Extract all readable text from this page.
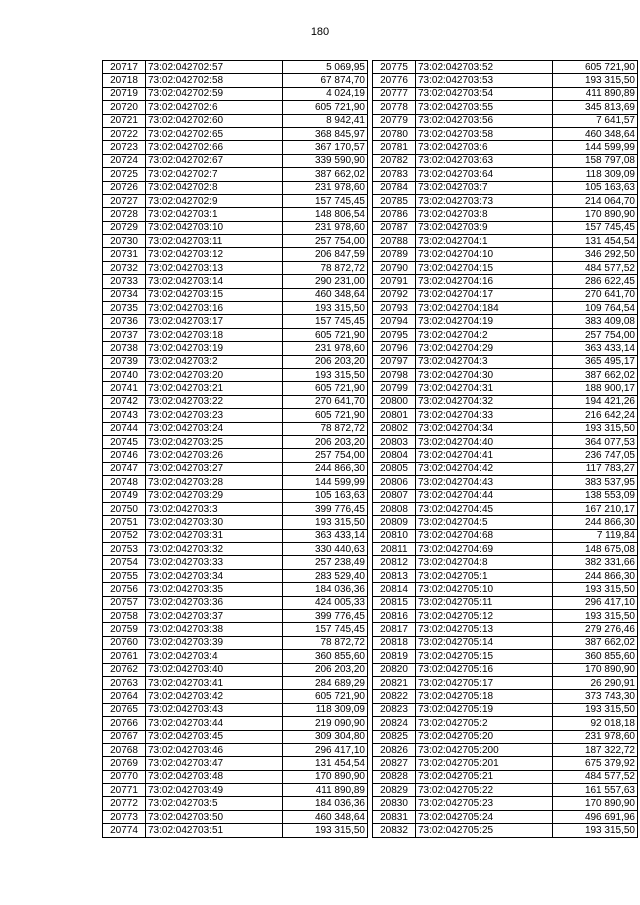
180
20717	73:02:042702:57	5 069,95
20718	73:02:042702:58	67 874,70
20719	73:02:042702:59	4 024,19
20720	73:02:042702:6	605 721,90
20721	73:02:042702:60	8 942,41
20722	73:02:042702:65	368 845,97
20723	73:02:042702:66	367 170,57
20724	73:02:042702:67	339 590,90
20725	73:02:042702:7	387 662,02
20726	73:02:042702:8	231 978,60
20727	73:02:042702:9	157 745,45
20728	73:02:042703:1	148 806,54
20729	73:02:042703:10	231 978,60
20730	73:02:042703:11	257 754,00
20731	73:02:042703:12	206 847,59
20732	73:02:042703:13	78 872,72
20733	73:02:042703:14	290 231,00
20734	73:02:042703:15	460 348,64
20735	73:02:042703:16	193 315,50
20736	73:02:042703:17	157 745,45
20737	73:02:042703:18	605 721,90
20738	73:02:042703:19	231 978,60
20739	73:02:042703:2	206 203,20
20740	73:02:042703:20	193 315,50
20741	73:02:042703:21	605 721,90
20742	73:02:042703:22	270 641,70
20743	73:02:042703:23	605 721,90
20744	73:02:042703:24	78 872,72
20745	73:02:042703:25	206 203,20
20746	73:02:042703:26	257 754,00
20747	73:02:042703:27	244 866,30
20748	73:02:042703:28	144 599,99
20749	73:02:042703:29	105 163,63
20750	73:02:042703:3	399 776,45
20751	73:02:042703:30	193 315,50
20752	73:02:042703:31	363 433,14
20753	73:02:042703:32	330 440,63
20754	73:02:042703:33	257 238,49
20755	73:02:042703:34	283 529,40
20756	73:02:042703:35	184 036,36
20757	73:02:042703:36	424 005,33
20758	73:02:042703:37	399 776,45
20759	73:02:042703:38	157 745,45
20760	73:02:042703:39	78 872,72
20761	73:02:042703:4	360 855,60
20762	73:02:042703:40	206 203,20
20763	73:02:042703:41	284 689,29
20764	73:02:042703:42	605 721,90
20765	73:02:042703:43	118 309,09
20766	73:02:042703:44	219 090,90
20767	73:02:042703:45	309 304,80
20768	73:02:042703:46	296 417,10
20769	73:02:042703:47	131 454,54
20770	73:02:042703:48	170 890,90
20771	73:02:042703:49	411 890,89
20772	73:02:042703:5	184 036,36
20773	73:02:042703:50	460 348,64
20774	73:02:042703:51	193 315,50
20775	73:02:042703:52	605 721,90
20776	73:02:042703:53	193 315,50
20777	73:02:042703:54	411 890,89
20778	73:02:042703:55	345 813,69
20779	73:02:042703:56	7 641,57
20780	73:02:042703:58	460 348,64
20781	73:02:042703:6	144 599,99
20782	73:02:042703:63	158 797,08
20783	73:02:042703:64	118 309,09
20784	73:02:042703:7	105 163,63
20785	73:02:042703:73	214 064,70
20786	73:02:042703:8	170 890,90
20787	73:02:042703:9	157 745,45
20788	73:02:042704:1	131 454,54
20789	73:02:042704:10	346 292,50
20790	73:02:042704:15	484 577,52
20791	73:02:042704:16	286 622,45
20792	73:02:042704:17	270 641,70
20793	73:02:042704:184	109 764,54
20794	73:02:042704:19	383 409,08
20795	73:02:042704:2	257 754,00
20796	73:02:042704:29	363 433,14
20797	73:02:042704:3	365 495,17
20798	73:02:042704:30	387 662,02
20799	73:02:042704:31	188 900,17
20800	73:02:042704:32	194 421,26
20801	73:02:042704:33	216 642,24
20802	73:02:042704:34	193 315,50
20803	73:02:042704:40	364 077,53
20804	73:02:042704:41	236 747,05
20805	73:02:042704:42	117 783,27
20806	73:02:042704:43	383 537,95
20807	73:02:042704:44	138 553,09
20808	73:02:042704:45	167 210,17
20809	73:02:042704:5	244 866,30
20810	73:02:042704:68	7 119,84
20811	73:02:042704:69	148 675,08
20812	73:02:042704:8	382 331,66
20813	73:02:042705:1	244 866,30
20814	73:02:042705:10	193 315,50
20815	73:02:042705:11	296 417,10
20816	73:02:042705:12	193 315,50
20817	73:02:042705:13	279 276,46
20818	73:02:042705:14	387 662,02
20819	73:02:042705:15	360 855,60
20820	73:02:042705:16	170 890,90
20821	73:02:042705:17	26 290,91
20822	73:02:042705:18	373 743,30
20823	73:02:042705:19	193 315,50
20824	73:02:042705:2	92 018,18
20825	73:02:042705:20	231 978,60
20826	73:02:042705:200	187 322,72
20827	73:02:042705:201	675 379,92
20828	73:02:042705:21	484 577,52
20829	73:02:042705:22	161 557,63
20830	73:02:042705:23	170 890,90
20831	73:02:042705:24	496 691,96
20832	73:02:042705:25	193 315,50
